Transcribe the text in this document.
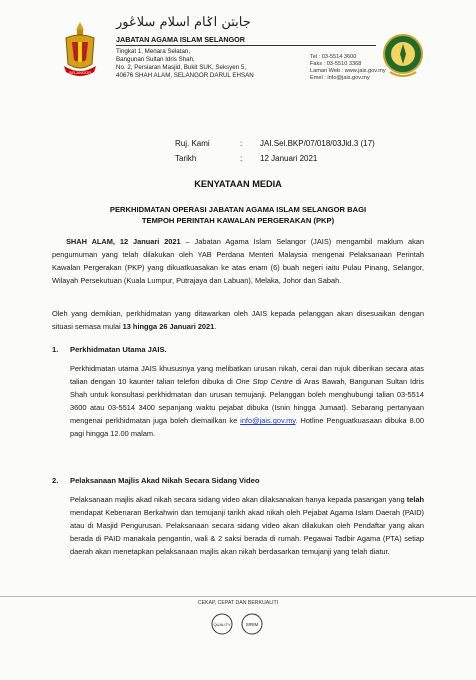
SELANGOR
جابتن اݢام اسلام سلاڠور
JABATAN AGAMA ISLAM SELANGOR
Tingkat 1, Menara Selatan,
Bangunan Sultan Idris Shah,
No. 2, Persiaran Masjid, Bukit SUK, Seksyen 5,
40676 SHAH ALAM, SELANGOR DARUL EHSAN
Tel : 03-5514 3600
Faks : 03-5510 3368
Laman Web : www.jais.gov.my
Emel : info@jais.gov.my
Ruj. Kami	: JAI.Sel.BKP/07/018/03Jld.3 (17)
Tarikh	: 12 Januari 2021
KENYATAAN MEDIA
PERKHIDMATAN OPERASI JABATAN AGAMA ISLAM SELANGOR BAGI
TEMPOH PERINTAH KAWALAN PERGERAKAN (PKP)
SHAH ALAM, 12 Januari 2021 – Jabatan Agama Islam Selangor (JAIS) mengambil maklum akan pengumuman yang telah dilakukan oleh YAB Perdana Menteri Malaysia mengenai Pelaksanaan Perintah Kawalan Pergerakan (PKP) yang dikuatkuasakan ke atas enam (6) buah negeri iaitu Pulau Pinang, Selangor, Wilayah Persekutuan (Kuala Lumpur, Putrajaya dan Labuan), Melaka, Johor dan Sabah.
Oleh yang demikian, perkhidmatan yang ditawarkan oleh JAIS kepada pelanggan akan disesuaikan dengan situasi semasa mulai 13 hingga 26 Januari 2021.
1. Perkhidmatan Utama JAIS.
Perkhidmatan utama JAIS khususnya yang melibatkan urusan nikah, cerai dan rujuk diberikan secara atas talian dengan 10 kaunter talian telefon dibuka di One Stop Centre di Aras Bawah, Bangunan Sultan Idris Shah untuk konsultasi perkhidmatan dan urusan temujanji. Pelanggan boleh menghubungi talian 03-5514 3600 atau 03-5514 3400 sepanjang waktu pejabat dibuka (Isnin hingga Jumaat). Sebarang pertanyaan mengenai perkhidmatan juga boleh diemailkan ke info@jais.gov.my. Hotline Penguatkuasaan dibuka 8.00 pagi hingga 12.00 malam.
2. Pelaksanaan Majlis Akad Nikah Secara Sidang Video
Pelaksanaan majlis akad nikah secara sidang video akan dilaksanakan hanya kepada pasangan yang telah mendapat Kebenaran Berkahwin dan temujanji tarikh akad nikah oleh Pejabat Agama Islam Daerah (PAID) atau di Masjid Pengurusan. Pelaksanaan secara sidang video akan dilakukan oleh Pendaftar yang akan berada di PAID manakala pengantin, wali & 2 saksi berada di rumah. Pegawai Tadbir Agama (PTA) setiap daerah akan menetapkan pelaksanaan majlis akan nikah berdasarkan temujanji yang telah diatur.
CEKAP, CEPAT DAN BERKUALITI
QUALITY	SIRIM
